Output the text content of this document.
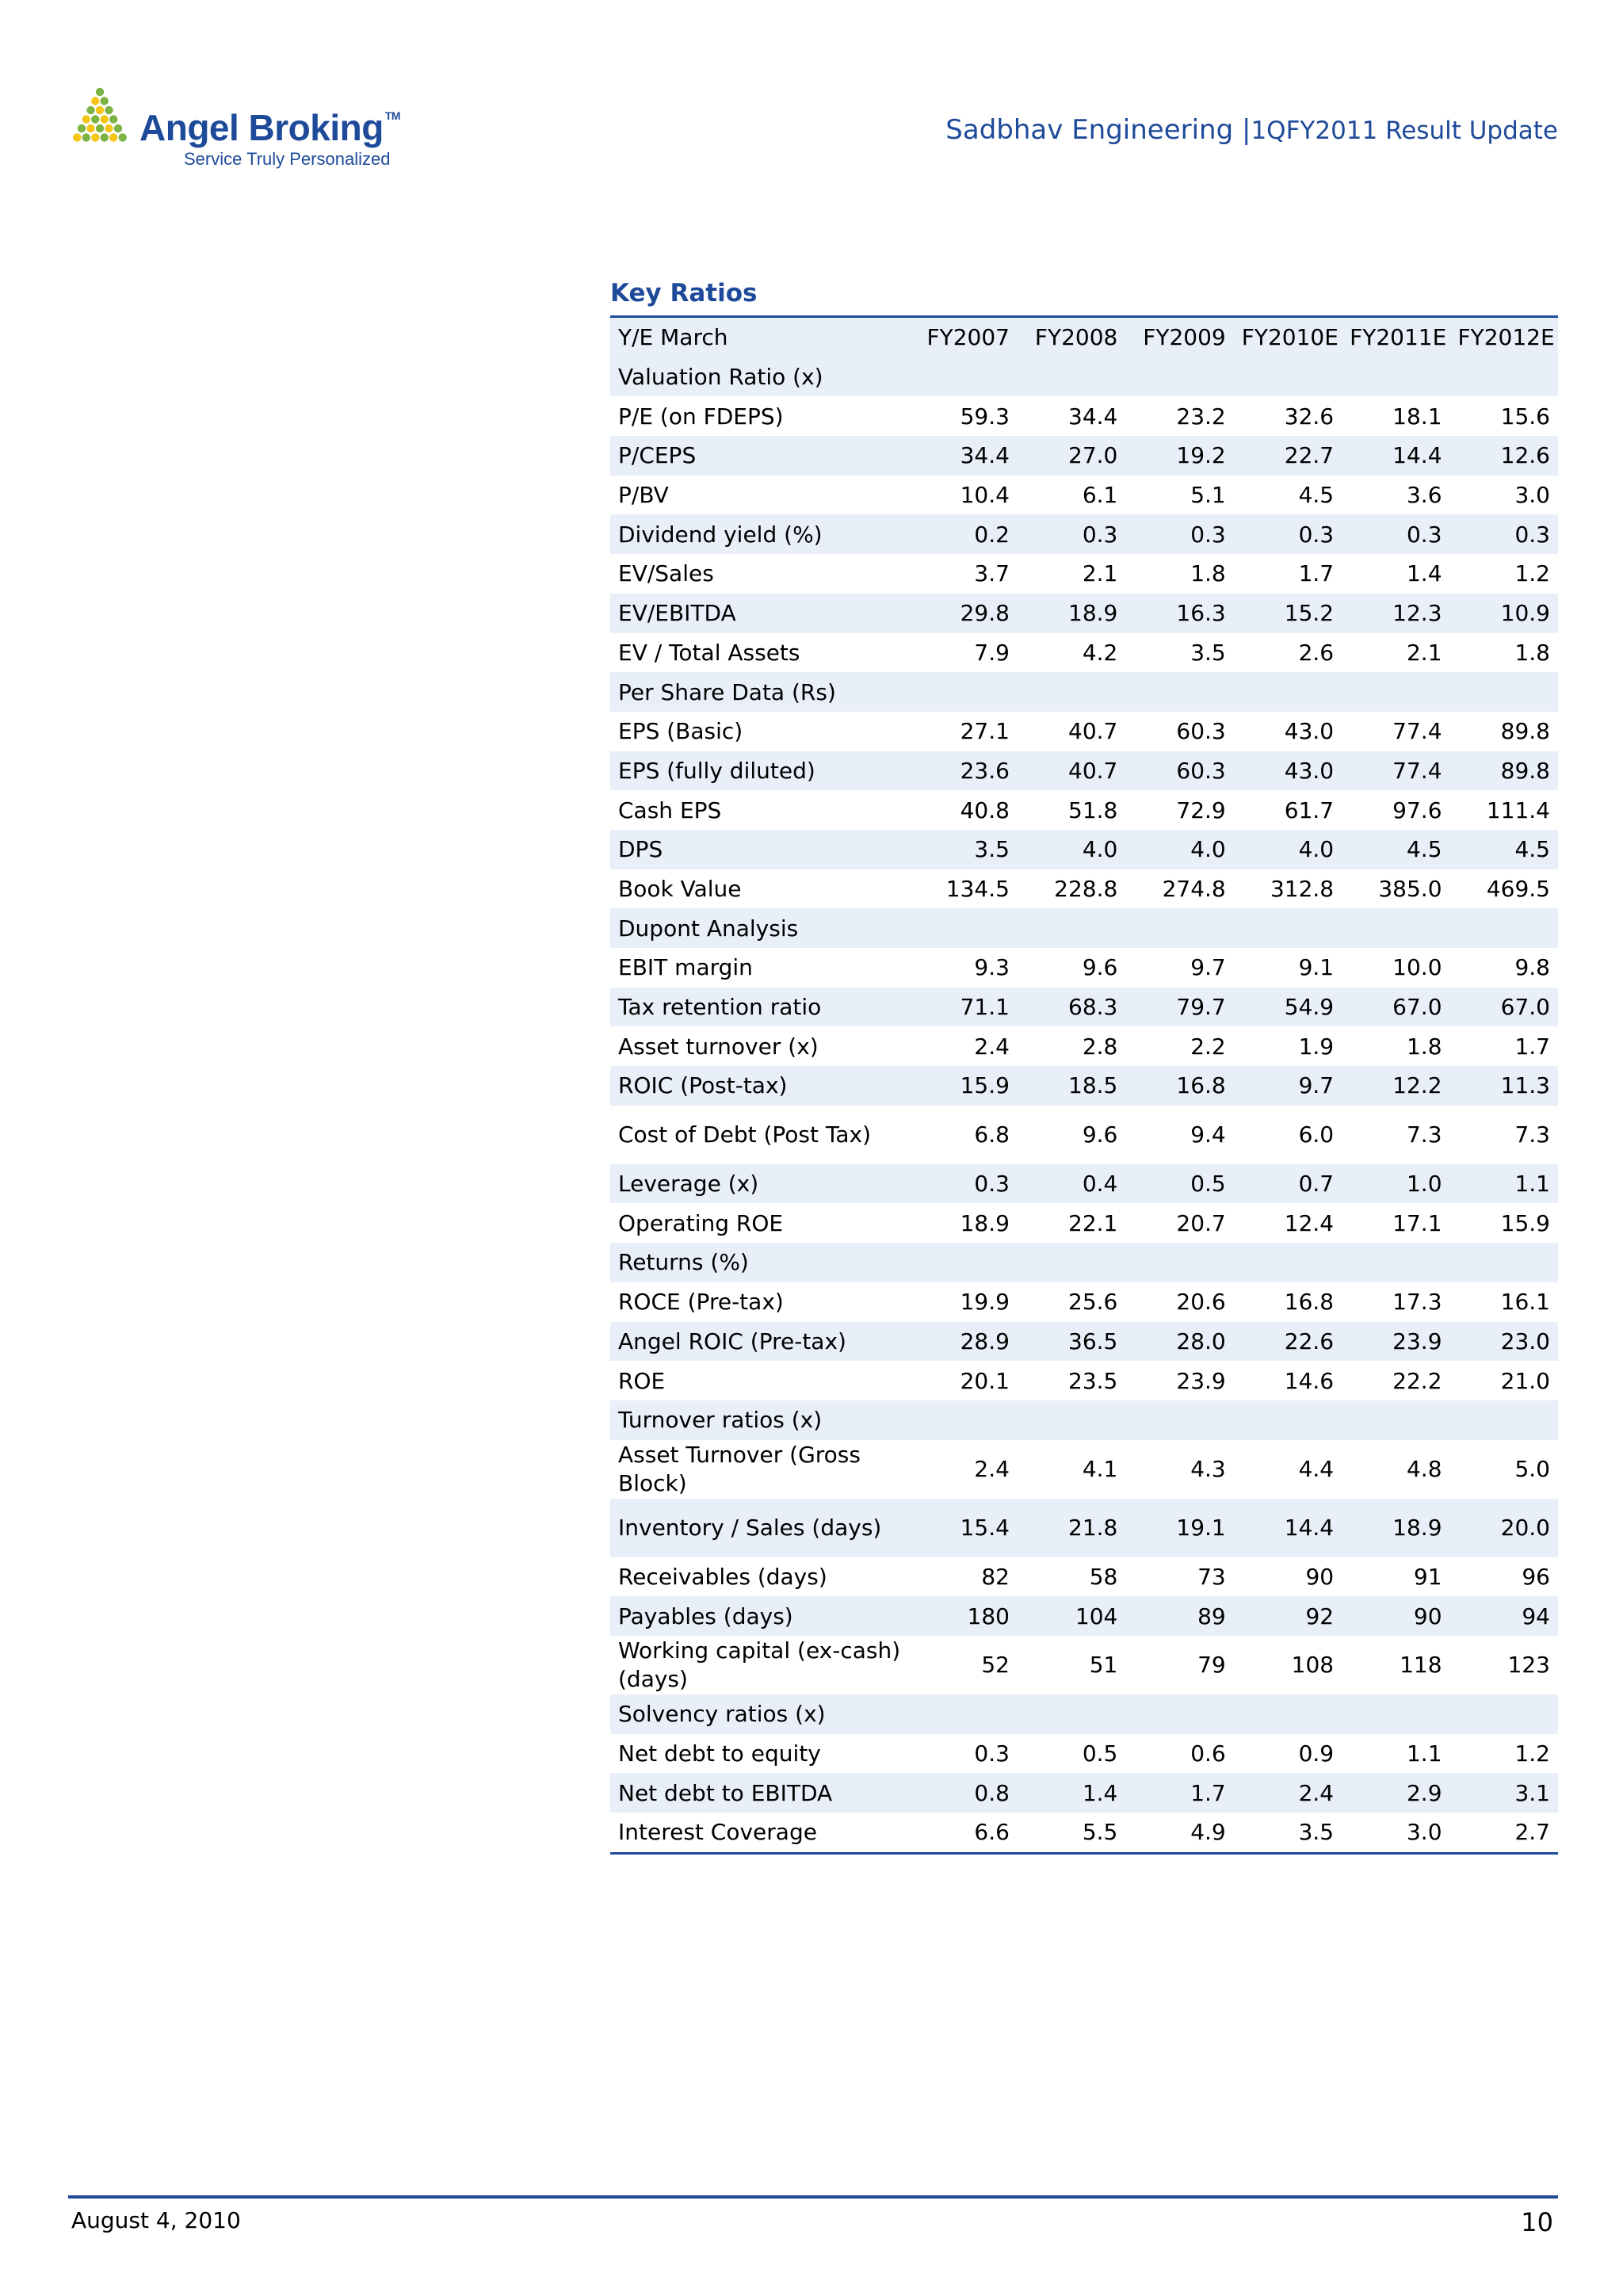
Angel Broking ™
Service Truly Personalized
Sadbhav Engineering |1QFY2011 Result Update
Key Ratios
Y/E March	FY2007	FY2008	FY2009	FY2010E	FY2011E	FY2012E
Valuation Ratio (x)						
P/E (on FDEPS)	59.3	34.4	23.2	32.6	18.1	15.6
P/CEPS	34.4	27.0	19.2	22.7	14.4	12.6
P/BV	10.4	6.1	5.1	4.5	3.6	3.0
Dividend yield (%)	0.2	0.3	0.3	0.3	0.3	0.3
EV/Sales	3.7	2.1	1.8	1.7	1.4	1.2
EV/EBITDA	29.8	18.9	16.3	15.2	12.3	10.9
EV / Total Assets	7.9	4.2	3.5	2.6	2.1	1.8
Per Share Data (Rs)						
EPS (Basic)	27.1	40.7	60.3	43.0	77.4	89.8
EPS (fully diluted)	23.6	40.7	60.3	43.0	77.4	89.8
Cash EPS	40.8	51.8	72.9	61.7	97.6	111.4
DPS	3.5	4.0	4.0	4.0	4.5	4.5
Book Value	134.5	228.8	274.8	312.8	385.0	469.5
Dupont Analysis						
EBIT margin	9.3	9.6	9.7	9.1	10.0	9.8
Tax retention ratio	71.1	68.3	79.7	54.9	67.0	67.0
Asset turnover (x)	2.4	2.8	2.2	1.9	1.8	1.7
ROIC (Post-tax)	15.9	18.5	16.8	9.7	12.2	11.3
Cost of Debt (Post Tax)	6.8	9.6	9.4	6.0	7.3	7.3
Leverage (x)	0.3	0.4	0.5	0.7	1.0	1.1
Operating ROE	18.9	22.1	20.7	12.4	17.1	15.9
Returns (%)						
ROCE (Pre-tax)	19.9	25.6	20.6	16.8	17.3	16.1
Angel ROIC (Pre-tax)	28.9	36.5	28.0	22.6	23.9	23.0
ROE	20.1	23.5	23.9	14.6	22.2	21.0
Turnover ratios (x)						
Asset Turnover (Gross Block)	2.4	4.1	4.3	4.4	4.8	5.0
Inventory / Sales (days)	15.4	21.8	19.1	14.4	18.9	20.0
Receivables (days)	82	58	73	90	91	96
Payables (days)	180	104	89	92	90	94
Working capital (ex-cash) (days)	52	51	79	108	118	123
Solvency ratios (x)						
Net debt to equity	0.3	0.5	0.6	0.9	1.1	1.2
Net debt to EBITDA	0.8	1.4	1.7	2.4	2.9	3.1
Interest Coverage	6.6	5.5	4.9	3.5	3.0	2.7
August 4, 2010	10
